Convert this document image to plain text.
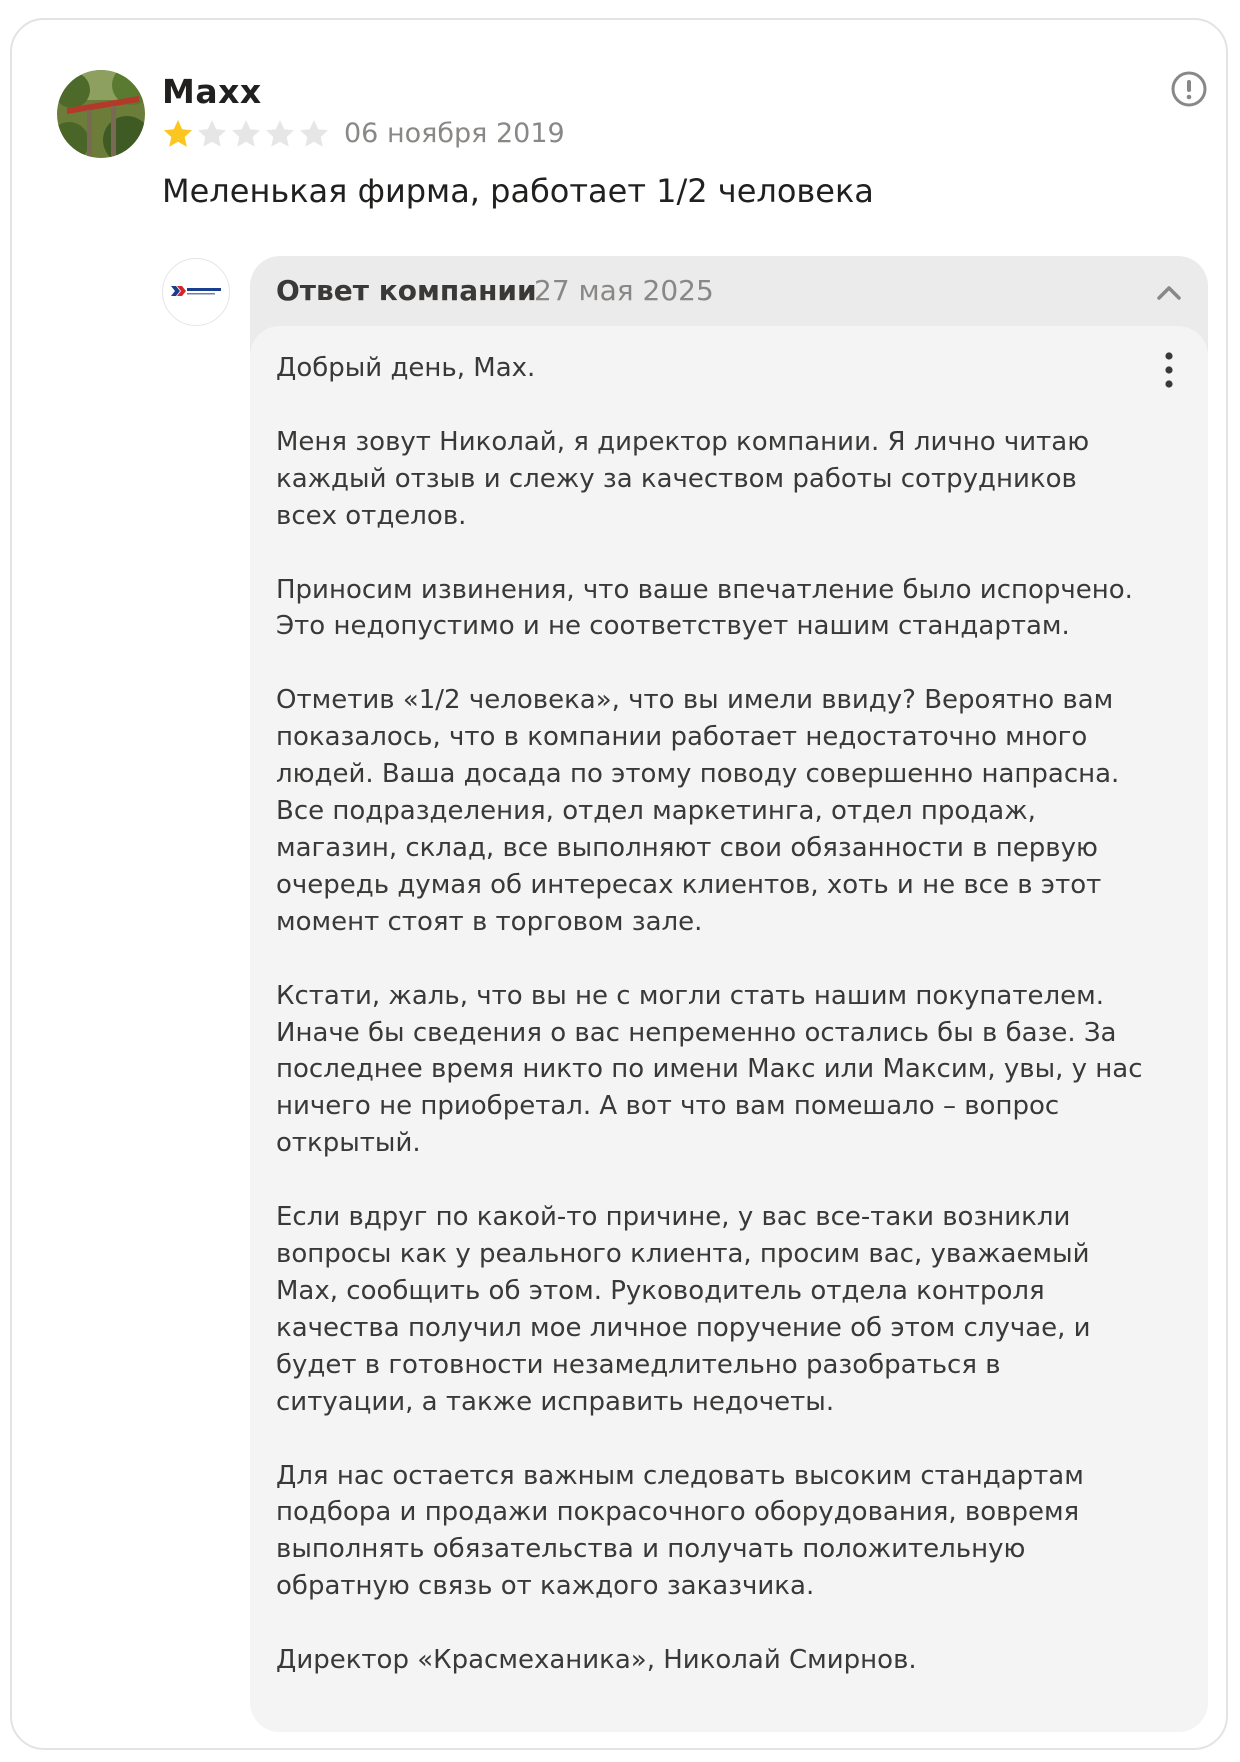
Maxx
06 ноября 2019
Меленькая фирма, работает 1/2 человека
Ответ компании
27 мая 2025

Добрый день, Max.

Меня зовут Николай, я директор компании. Я лично читаю каждый отзыв и слежу за качеством работы сотрудников всех отделов.

Приносим извинения, что ваше впечатление было испорчено. Это недопустимо и не соответствует нашим стандартам.

Отметив «1/2 человека», что вы имели ввиду? Вероятно вам показалось, что в компании работает недостаточно много людей. Ваша досада по этому поводу совершенно напрасна. Все подразделения, отдел маркетинга, отдел продаж, магазин, склад, все выполняют свои обязанности в первую очередь думая об интересах клиентов, хоть и не все в этот момент стоят в торговом зале.

Кстати, жаль, что вы не с могли стать нашим покупателем. Иначе бы сведения о вас непременно остались бы в базе. За последнее время никто по имени Макс или Максим, увы, у нас ничего не приобретал. А вот что вам помешало – вопрос открытый.

Если вдруг по какой-то причине, у вас все-таки возникли вопросы как у реального клиента, просим вас, уважаемый Max, сообщить об этом. Руководитель отдела контроля качества получил мое личное поручение об этом случае, и будет в готовности незамедлительно разобраться в ситуации, а также исправить недочеты.

Для нас остается важным следовать высоким стандартам подбора и продажи покрасочного оборудования, вовремя выполнять обязательства и получать положительную обратную связь от каждого заказчика.

Директор «Красмеханика», Николай Смирнов.
